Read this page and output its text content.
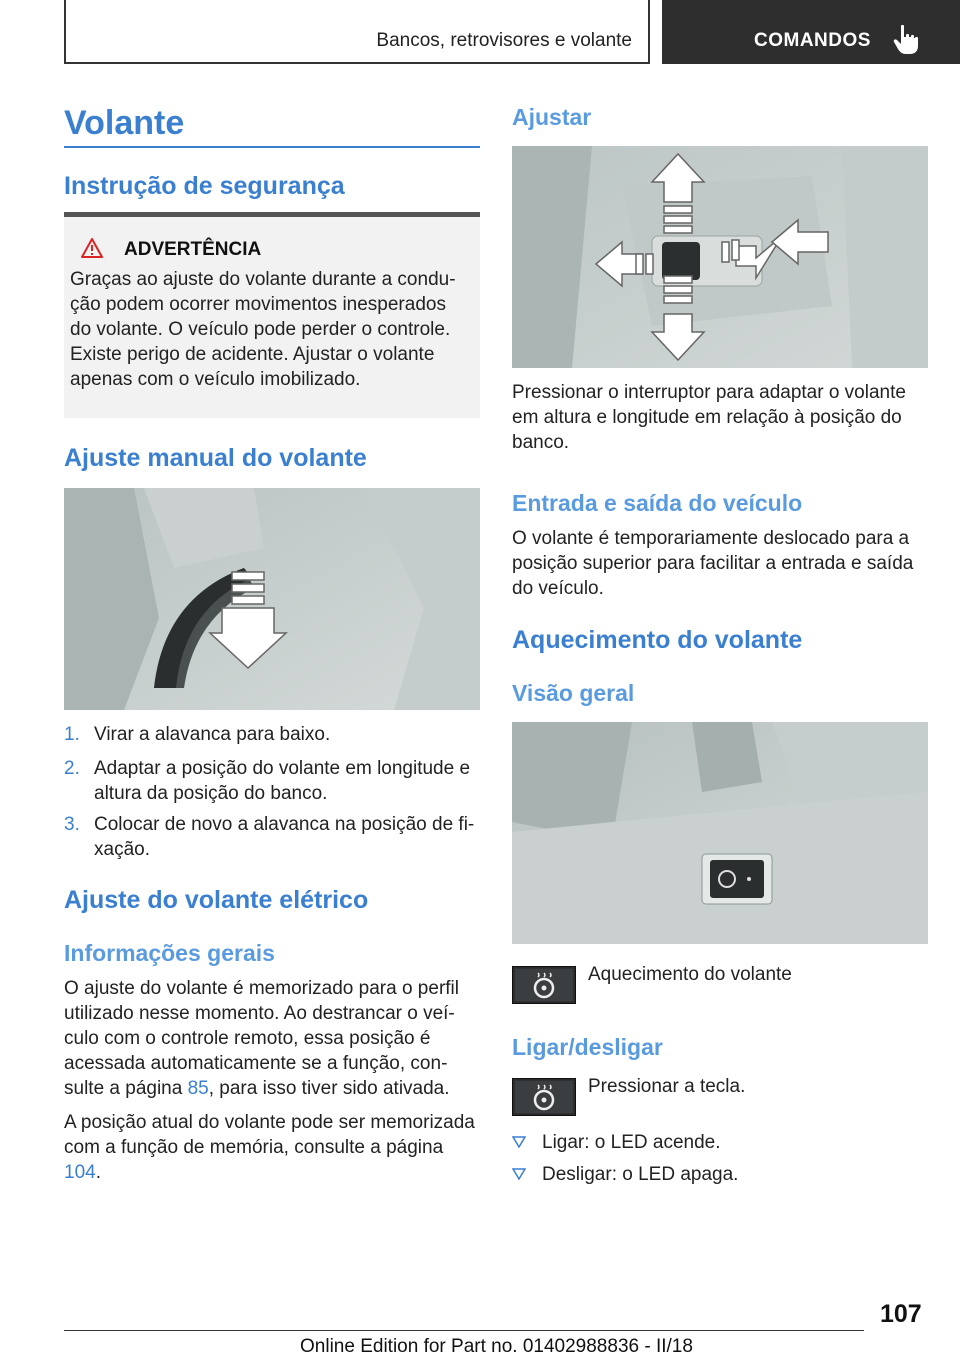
Bancos, retrovisores e volante	COMANDOS
Volante
Instrução de segurança
ADVERTÊNCIA
Graças ao ajuste do volante durante a condu‐
ção podem ocorrer movimentos inesperados
do volante. O veículo pode perder o controle.
Existe perigo de acidente. Ajustar o volante
apenas com o veículo imobilizado.
Ajuste manual do volante
1. Virar a alavanca para baixo.
2. Adaptar a posição do volante em longitude e
altura da posição do banco.
3. Colocar de novo a alavanca na posição de fi‐
xação.
Ajuste do volante elétrico
Informações gerais
O ajuste do volante é memorizado para o perfil
utilizado nesse momento. Ao destrancar o veí‐
culo com o controle remoto, essa posição é
acessada automaticamente se a função, con‐
sulte a página 85, para isso tiver sido ativada.
A posição atual do volante pode ser memorizada
com a função de memória, consulte a página
104.
Ajustar
Pressionar o interruptor para adaptar o volante
em altura e longitude em relação à posição do
banco.
Entrada e saída do veículo
O volante é temporariamente deslocado para a
posição superior para facilitar a entrada e saída
do veículo.
Aquecimento do volante
Visão geral
Aquecimento do volante
Ligar/desligar
Pressionar a tecla.
Ligar: o LED acende.
Desligar: o LED apaga.
107
Online Edition for Part no. 01402988836 - II/18
